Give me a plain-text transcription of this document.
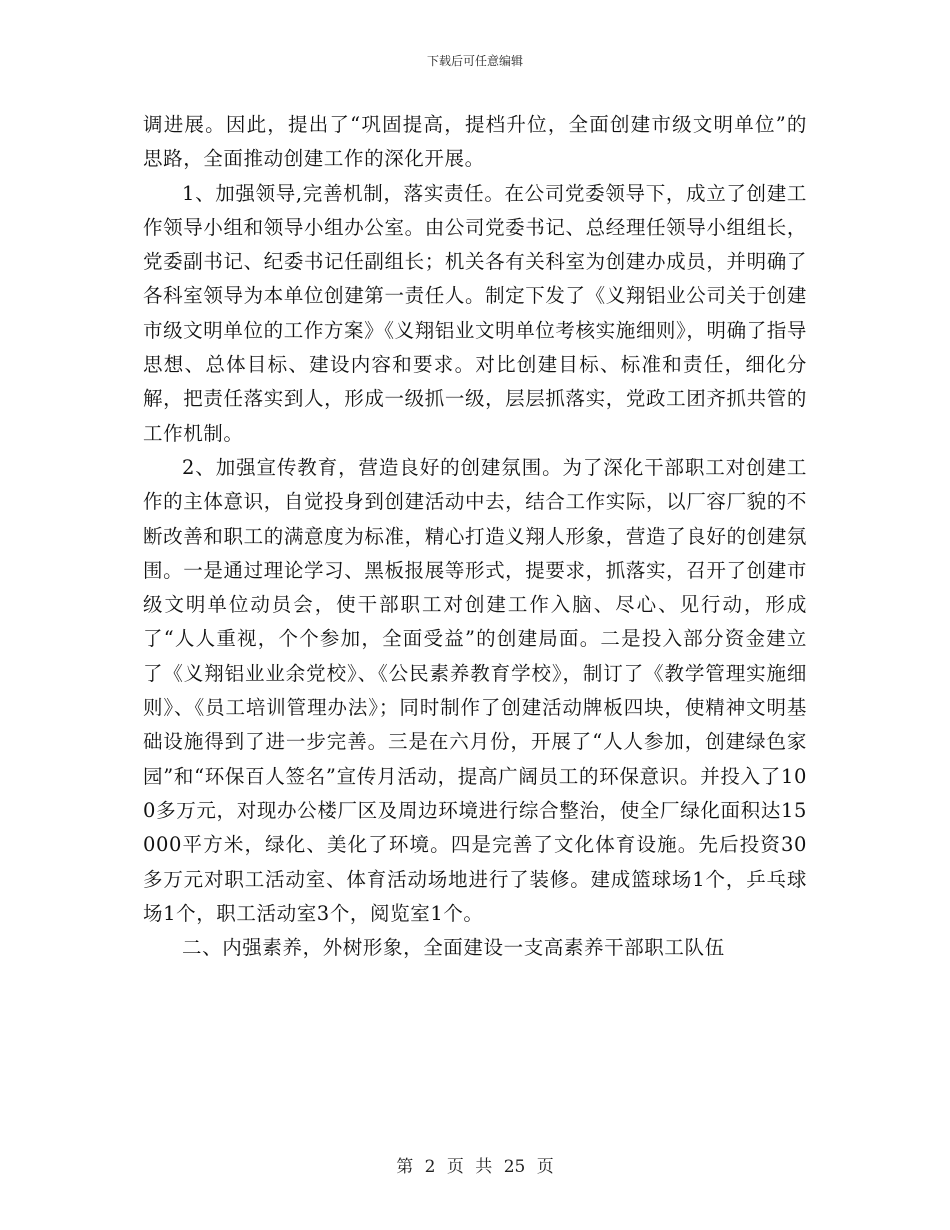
下载后可任意编辑

调进展。因此，提出了“巩固提高，提档升位，全面创建市级文明单位”的思路，全面推动创建工作的深化开展。

1、加强领导,完善机制，落实责任。在公司党委领导下，成立了创建工作领导小组和领导小组办公室。由公司党委书记、总经理任领导小组组长，党委副书记、纪委书记任副组长；机关各有关科室为创建办成员，并明确了各科室领导为本单位创建第一责任人。制定下发了《义翔铝业公司关于创建市级文明单位的工作方案》《义翔铝业文明单位考核实施细则》，明确了指导思想、总体目标、建设内容和要求。对比创建目标、标准和责任，细化分解，把责任落实到人，形成一级抓一级，层层抓落实，党政工团齐抓共管的工作机制。

2、加强宣传教育，营造良好的创建氛围。为了深化干部职工对创建工作的主体意识，自觉投身到创建活动中去，结合工作实际，以厂容厂貌的不断改善和职工的满意度为标准，精心打造义翔人形象，营造了良好的创建氛围。一是通过理论学习、黑板报展等形式，提要求，抓落实，召开了创建市级文明单位动员会，使干部职工对创建工作入脑、尽心、见行动，形成了“人人重视，个个参加，全面受益”的创建局面。二是投入部分资金建立了《义翔铝业业余党校》、《公民素养教育学校》，制订了《教学管理实施细则》、《员工培训管理办法》；同时制作了创建活动牌板四块，使精神文明基础设施得到了进一步完善。三是在六月份，开展了“人人参加，创建绿色家园”和“环保百人签名”宣传月活动，提高广阔员工的环保意识。并投入了100多万元，对现办公楼厂区及周边环境进行综合整治，使全厂绿化面积达15000平方米，绿化、美化了环境。四是完善了文化体育设施。先后投资30多万元对职工活动室、体育活动场地进行了装修。建成篮球场1个，乒乓球场1个，职工活动室3个，阅览室1个。

二、内强素养，外树形象，全面建设一支高素养干部职工队伍

第 2 页 共 25 页
